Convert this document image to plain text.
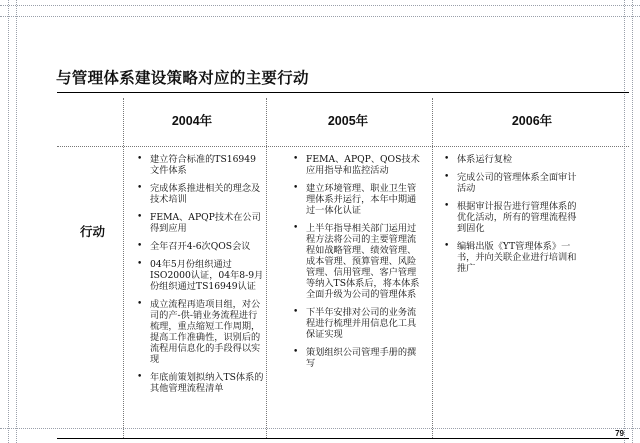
与管理体系建设策略对应的主要行动
2004年	2005年	2006年
行动
• 建立符合标准的TS16949文件体系
• 完成体系推进相关的理念及技术培训
• FEMA、APQP技术在公司得到应用
• 全年召开4-6次QOS会议
• 04年5月份组织通过ISO2000认证，04年8-9月份组织通过TS16949认证
• 成立流程再造项目组，对公司的产-供-销业务流程进行梳理，重点缩短工作周期，提高工作准确性，识别后的流程用信息化的手段得以实现
• 年底前策划拟纳入TS体系的其他管理流程清单
• FEMA、APQP、QOS技术应用指导和监控活动
• 建立环境管理、职业卫生管理体系并运行，本年中期通过一体化认证
• 上半年指导相关部门运用过程方法将公司的主要管理流程如战略管理、绩效管理、成本管理、预算管理、风险管理、信用管理、客户管理等纳入TS体系后，将本体系全面升级为公司的管理体系
• 下半年安排对公司的业务流程进行梳理并用信息化工具保证实现
• 策划组织公司管理手册的撰写
• 体系运行复检
• 完成公司的管理体系全面审计活动
• 根据审计报告进行管理体系的优化活动，所有的管理流程得到固化
• 编辑出版《YT管理体系》一书，并向关联企业进行培训和推广
79
